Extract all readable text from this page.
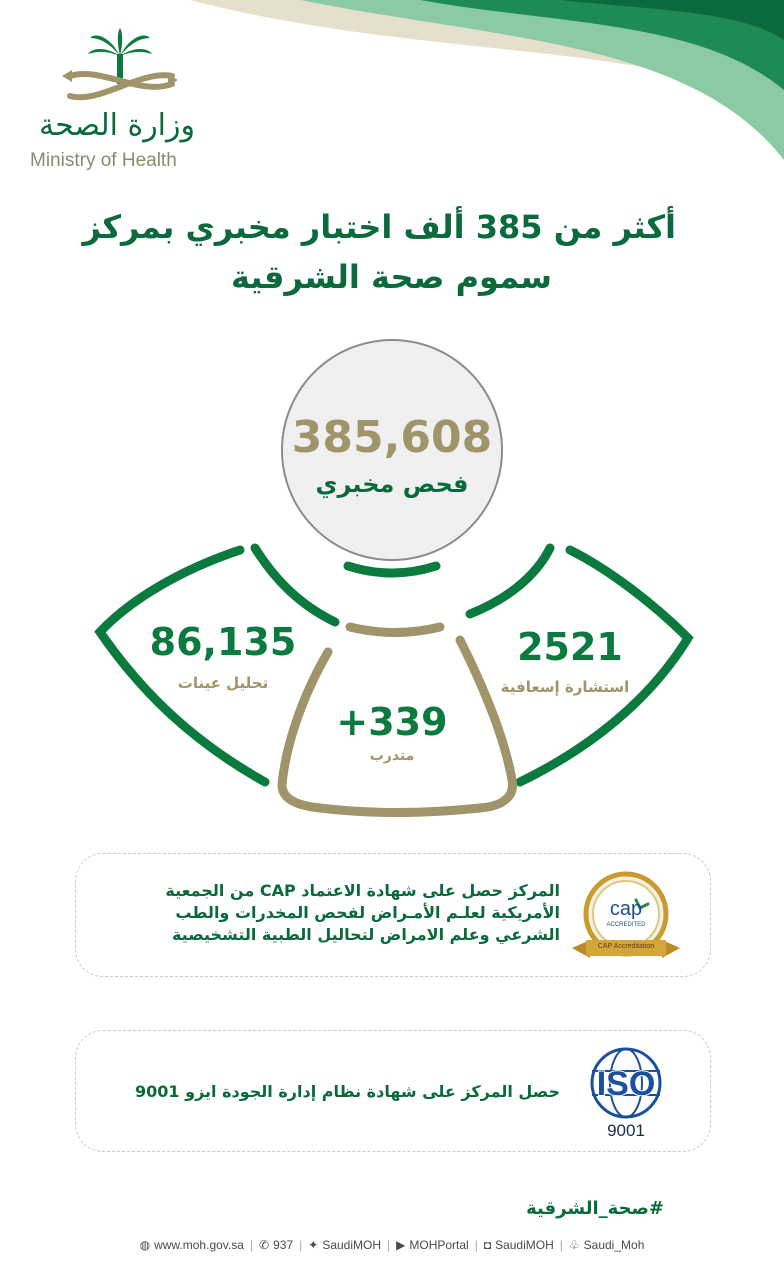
وزارة الصحة
Ministry of Health
أكثر من 385 ألف اختبار مخبري بمركز
سموم صحة الشرقية
385,608
فحص مخبري
86,135
تحليل عينات
+339
متدرب
2521
استشارة إسعافية
المركز حصل على شهادة الاعتماد CAP من الجمعية
الأمريكية لعلـم الأمـراض لفحص المخدرات والطب
الشرعي وعلم الامراض لتحاليل الطبية التشخيصية
cap
ACCREDITED
CAP Accreditation
حصل المركز على شهادة نظام إدارة الجودة ايزو 9001	ISO
9001
#صحة_الشرقية
◍ www.moh.gov.sa | ✆ 937 | ✦ SaudiMOH | ▶ MOHPortal | ◘ SaudiMOH | ♧ Saudi_Moh
